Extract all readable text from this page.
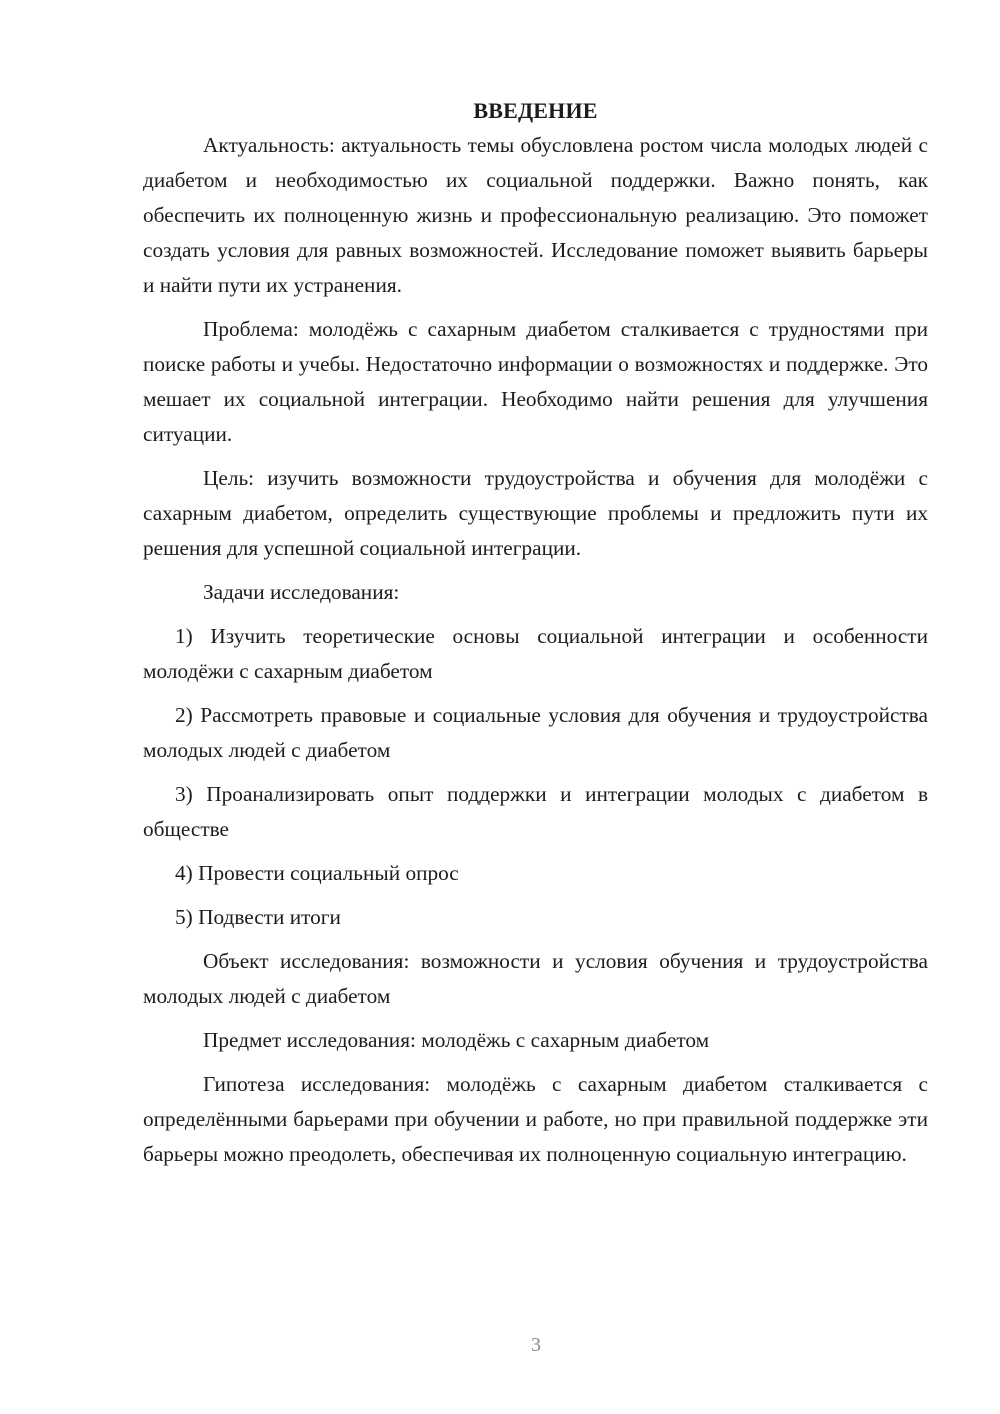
ВВЕДЕНИЕ

Актуальность: актуальность темы обусловлена ростом числа молодых людей с диабетом и необходимостью их социальной поддержки. Важно понять, как обеспечить их полноценную жизнь и профессиональную реализацию. Это поможет создать условия для равных возможностей. Исследование поможет выявить барьеры и найти пути их устранения.

Проблема: молодёжь с сахарным диабетом сталкивается с трудностями при поиске работы и учебы. Недостаточно информации о возможностях и поддержке. Это мешает их социальной интеграции. Необходимо найти решения для улучшения ситуации.

Цель: изучить возможности трудоустройства и обучения для молодёжи с сахарным диабетом, определить существующие проблемы и предложить пути их решения для успешной социальной интеграции.

Задачи исследования:

1) Изучить теоретические основы социальной интеграции и особенности молодёжи с сахарным диабетом

2) Рассмотреть правовые и социальные условия для обучения и трудоустройства молодых людей с диабетом

3) Проанализировать опыт поддержки и интеграции молодых с диабетом в обществе

4) Провести социальный опрос

5) Подвести итоги

Объект исследования: возможности и условия обучения и трудоустройства молодых людей с диабетом

Предмет исследования: молодёжь с сахарным диабетом

Гипотеза исследования: молодёжь с сахарным диабетом сталкивается с определёнными барьерами при обучении и работе, но при правильной поддержке эти барьеры можно преодолеть, обеспечивая их полноценную социальную интеграцию.

3
